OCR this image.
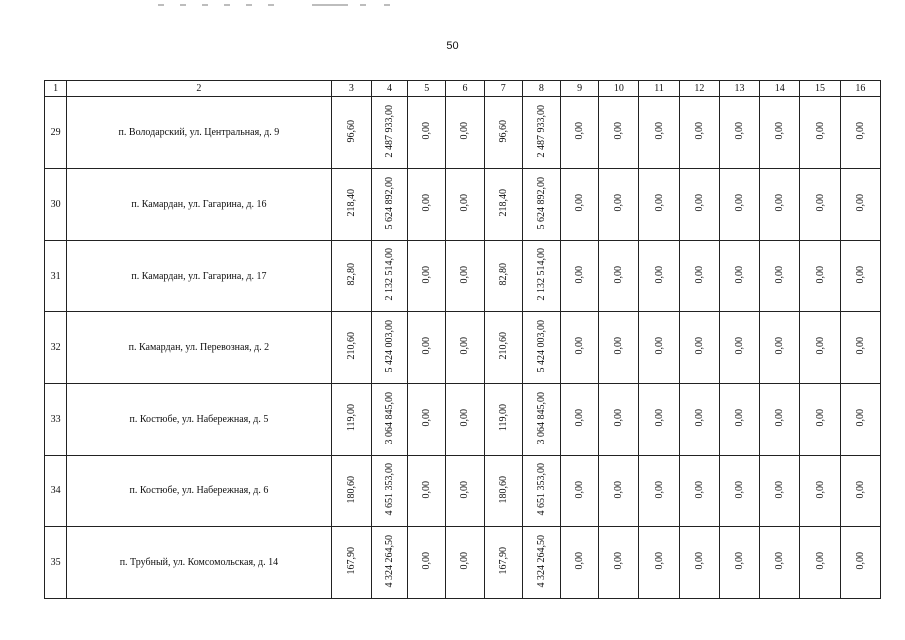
50
1	2	3	4	5	6	7	8	9	10	11	12	13	14	15	16
29	п. Володарский, ул. Центральная, д. 9	96,60	2 487 933,00	0,00	0,00	96,60	2 487 933,00	0,00	0,00	0,00	0,00	0,00	0,00	0,00	0,00
30	п. Камардан, ул. Гагарина, д. 16	218,40	5 624 892,00	0,00	0,00	218,40	5 624 892,00	0,00	0,00	0,00	0,00	0,00	0,00	0,00	0,00
31	п. Камардан, ул. Гагарина, д. 17	82,80	2 132 514,00	0,00	0,00	82,80	2 132 514,00	0,00	0,00	0,00	0,00	0,00	0,00	0,00	0,00
32	п. Камардан, ул. Перевозная, д. 2	210,60	5 424 003,00	0,00	0,00	210,60	5 424 003,00	0,00	0,00	0,00	0,00	0,00	0,00	0,00	0,00
33	п. Костюбе, ул. Набережная, д. 5	119,00	3 064 845,00	0,00	0,00	119,00	3 064 845,00	0,00	0,00	0,00	0,00	0,00	0,00	0,00	0,00
34	п. Костюбе, ул. Набережная, д. 6	180,60	4 651 353,00	0,00	0,00	180,60	4 651 353,00	0,00	0,00	0,00	0,00	0,00	0,00	0,00	0,00
35	п. Трубный, ул. Комсомольская, д. 14	167,90	4 324 264,50	0,00	0,00	167,90	4 324 264,50	0,00	0,00	0,00	0,00	0,00	0,00	0,00	0,00
